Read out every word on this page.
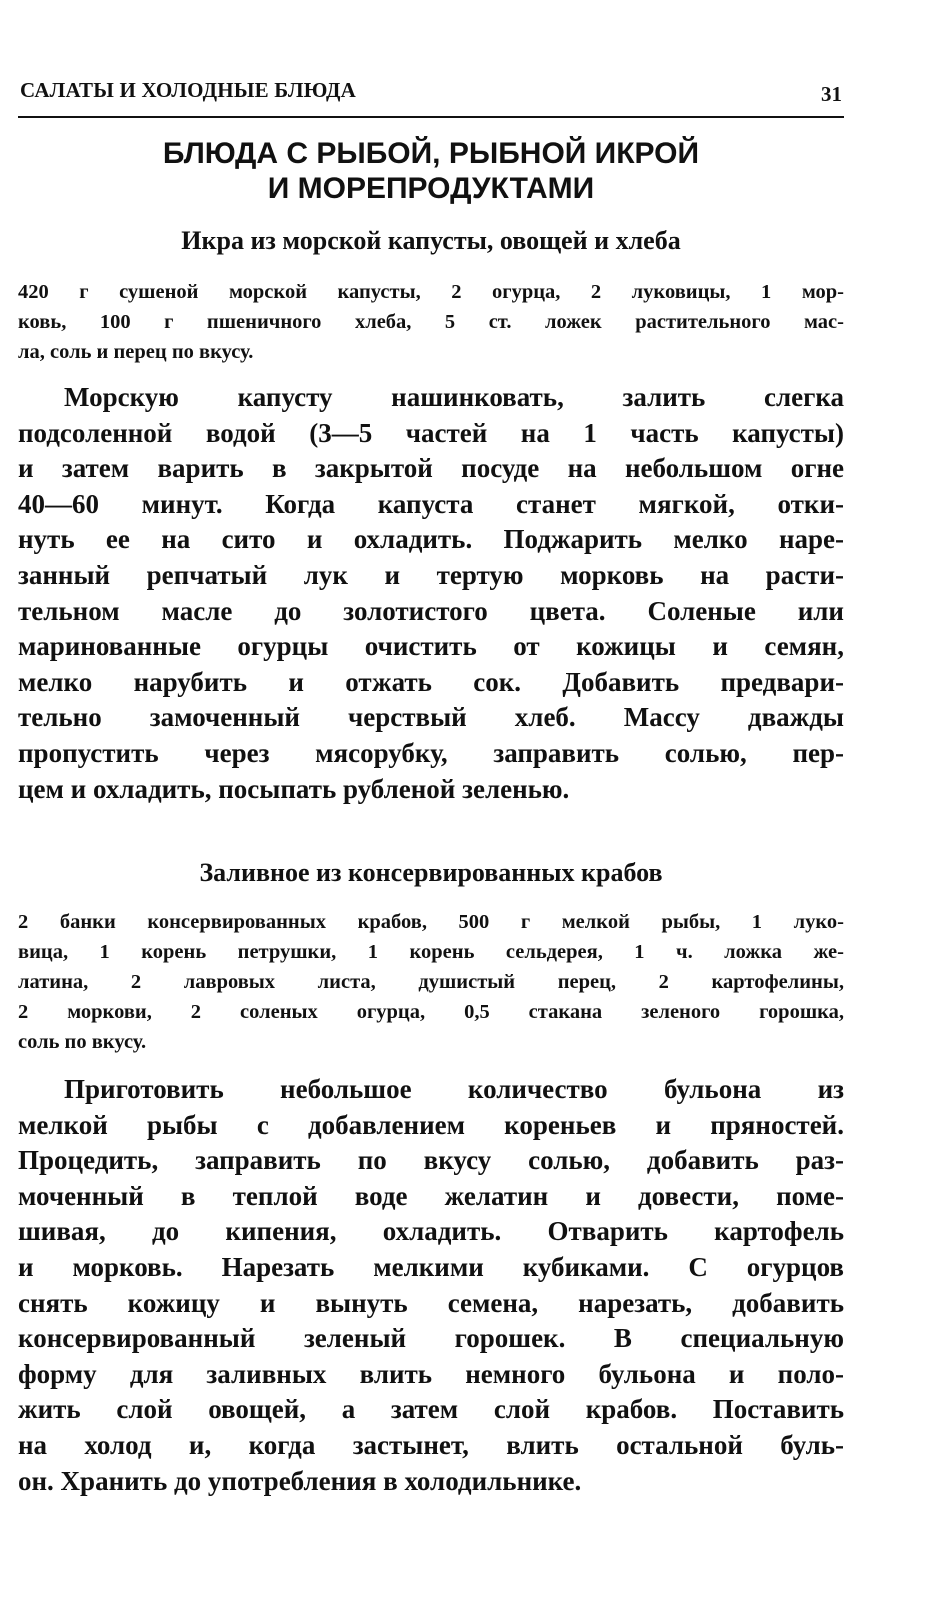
САЛАТЫ И ХОЛОДНЫЕ БЛЮДА	31
БЛЮДА С РЫБОЙ, РЫБНОЙ ИКРОЙ
И МОРЕПРОДУКТАМИ
Икра из морской капусты, овощей и хлеба
420 г сушеной морской капусты, 2 огурца, 2 луковицы, 1 мор-
ковь, 100 г пшеничного хлеба, 5 ст. ложек растительного мас-
ла, соль и перец по вкусу.
Морскую капусту нашинковать, залить слегка
подсоленной водой (3—5 частей на 1 часть капусты)
и затем варить в закрытой посуде на небольшом огне
40—60 минут. Когда капуста станет мягкой, отки-
нуть ее на сито и охладить. Поджарить мелко наре-
занный репчатый лук и тертую морковь на расти-
тельном масле до золотистого цвета. Соленые или
маринованные огурцы очистить от кожицы и семян,
мелко нарубить и отжать сок. Добавить предвари-
тельно замоченный черствый хлеб. Массу дважды
пропустить через мясорубку, заправить солью, пер-
цем и охладить, посыпать рубленой зеленью.
Заливное из консервированных крабов
2 банки консервированных крабов, 500 г мелкой рыбы, 1 луко-
вица, 1 корень петрушки, 1 корень сельдерея, 1 ч. ложка же-
латина, 2 лавровых листа, душистый перец, 2 картофелины,
2 моркови, 2 соленых огурца, 0,5 стакана зеленого горошка,
соль по вкусу.
Приготовить небольшое количество бульона из
мелкой рыбы с добавлением кореньев и пряностей.
Процедить, заправить по вкусу солью, добавить раз-
моченный в теплой воде желатин и довести, поме-
шивая, до кипения, охладить. Отварить картофель
и морковь. Нарезать мелкими кубиками. С огурцов
снять кожицу и вынуть семена, нарезать, добавить
консервированный зеленый горошек. В специальную
форму для заливных влить немного бульона и поло-
жить слой овощей, а затем слой крабов. Поставить
на холод и, когда застынет, влить остальной буль-
он. Хранить до употребления в холодильнике.
